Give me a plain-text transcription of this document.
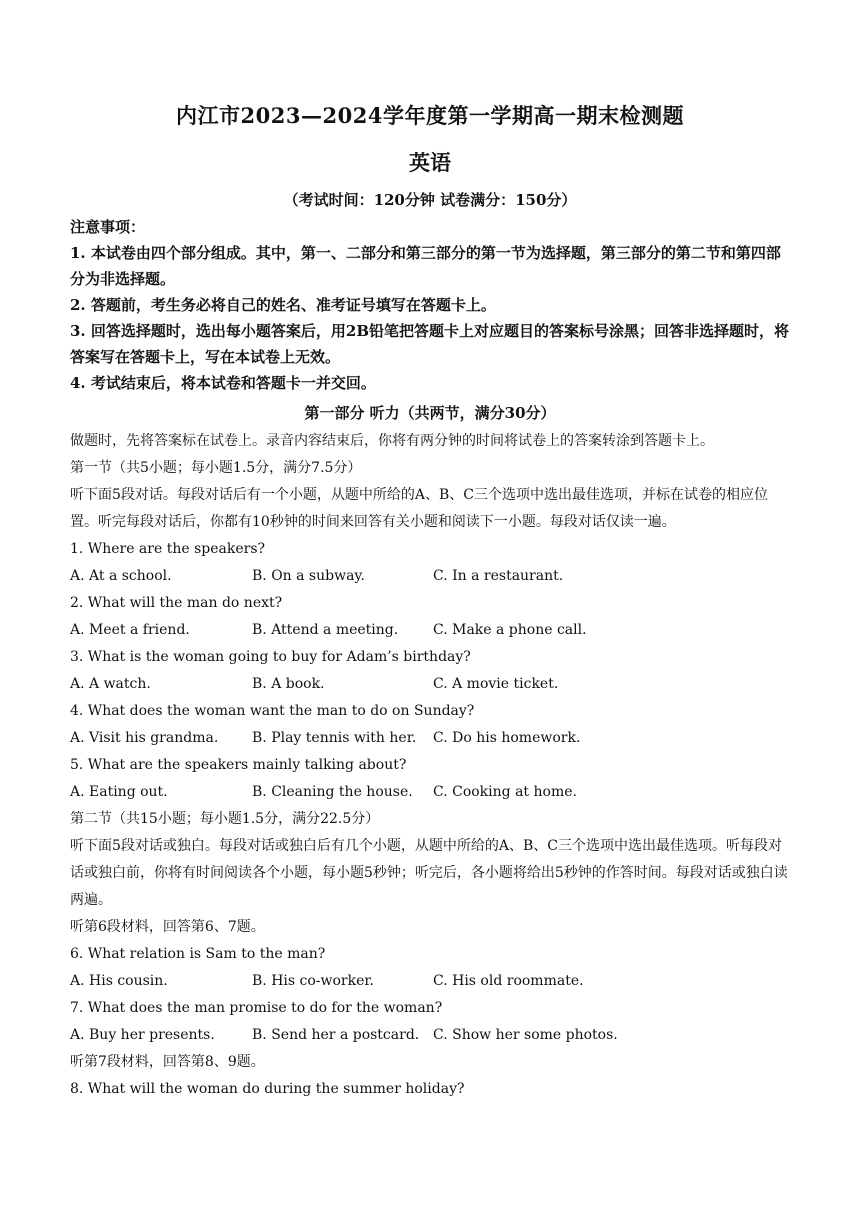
内江市2023—2024学年度第一学期高一期末检测题
英语
（考试时间：120分钟 试卷满分：150分）
注意事项：

1. 本试卷由四个部分组成。其中，第一、二部分和第三部分的第一节为选择题，第三部分的第二节和第四部分为非选择题。

2. 答题前，考生务必将自己的姓名、准考证号填写在答题卡上。

3. 回答选择题时，选出每小题答案后，用2B铅笔把答题卡上对应题目的答案标号涂黑；回答非选择题时，将答案写在答题卡上，写在本试卷上无效。

4. 考试结束后，将本试卷和答题卡一并交回。

第一部分 听力（共两节，满分30分）

做题时，先将答案标在试卷上。录音内容结束后，你将有两分钟的时间将试卷上的答案转涂到答题卡上。

第一节（共5小题；每小题1.5分，满分7.5分）

听下面5段对话。每段对话后有一个小题，从题中所给的A、B、C三个选项中选出最佳选项，并标在试卷的相应位置。听完每段对话后，你都有10秒钟的时间来回答有关小题和阅读下一小题。每段对话仅读一遍。

1. Where are the speakers?

A. At a school.	B. On a subway.	C. In a restaurant.

2. What will the man do next?

A. Meet a friend.	B. Attend a meeting. C. Make a phone call.

3. What is the woman going to buy for Adam’s birthday?

A. A watch.	B. A book.	C. A movie ticket.

4. What does the woman want the man to do on Sunday?

A. Visit his grandma. B. Play tennis with her. C. Do his homework.

5. What are the speakers mainly talking about?

A. Eating out.	B. Cleaning the house. C. Cooking at home.

第二节（共15小题；每小题1.5分，满分22.5分）

听下面5段对话或独白。每段对话或独白后有几个小题，从题中所给的A、B、C三个选项中选出最佳选项。听每段对话或独白前，你将有时间阅读各个小题，每小题5秒钟；听完后，各小题将给出5秒钟的作答时间。每段对话或独白读两遍。

听第6段材料，回答第6、7题。

6. What relation is Sam to the man?

A. His cousin.	B. His co-worker.	C. His old roommate.

7. What does the man promise to do for the woman?

A. Buy her presents.	B. Send her a postcard. C. Show her some photos.

听第7段材料，回答第8、9题。

8. What will the woman do during the summer holiday?
